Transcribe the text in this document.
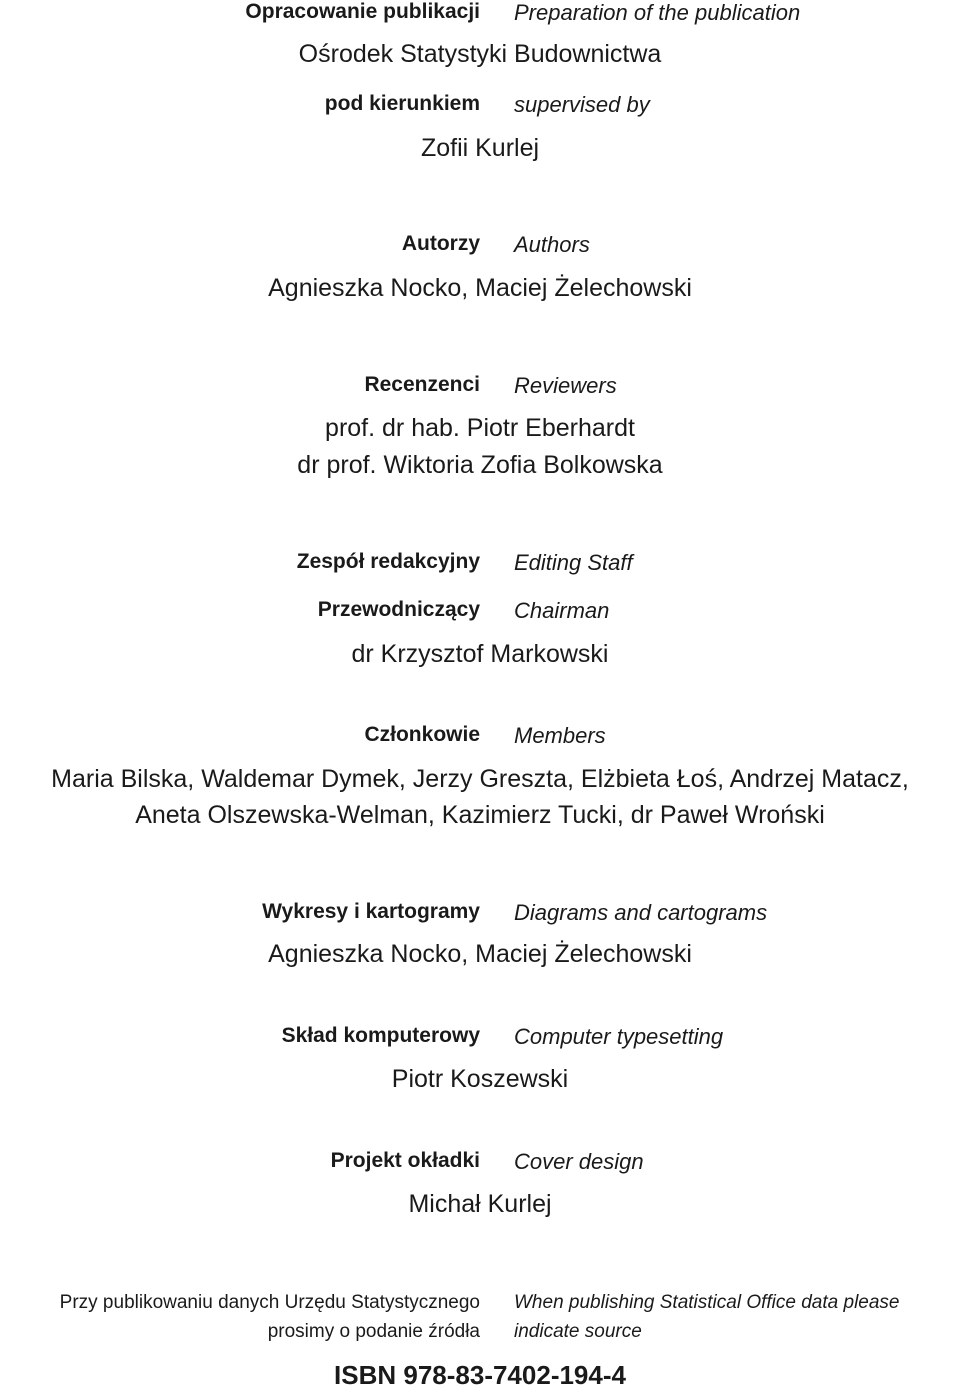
Opracowanie publikacji Preparation of the publication
Ośrodek Statystyki Budownictwa
pod kierunkiem supervised by
Zofii Kurlej
Autorzy Authors
Agnieszka Nocko, Maciej Żelechowski
Recenzenci Reviewers
prof. dr hab. Piotr Eberhardt
dr prof. Wiktoria Zofia Bolkowska
Zespół redakcyjny Editing Staff
Przewodniczący Chairman
dr Krzysztof Markowski
Członkowie Members
Maria Bilska, Waldemar Dymek, Jerzy Greszta, Elżbieta Łoś, Andrzej Matacz,
Aneta Olszewska-Welman, Kazimierz Tucki, dr Paweł Wroński
Wykresy i kartogramy Diagrams and cartograms
Agnieszka Nocko, Maciej Żelechowski
Skład komputerowy Computer typesetting
Piotr Koszewski
Projekt okładki Cover design
Michał Kurlej
Przy publikowaniu danych Urzędu Statystycznego
prosimy o podanie źródła
When publishing Statistical Office data please
indicate source
ISBN 978-83-7402-194-4
